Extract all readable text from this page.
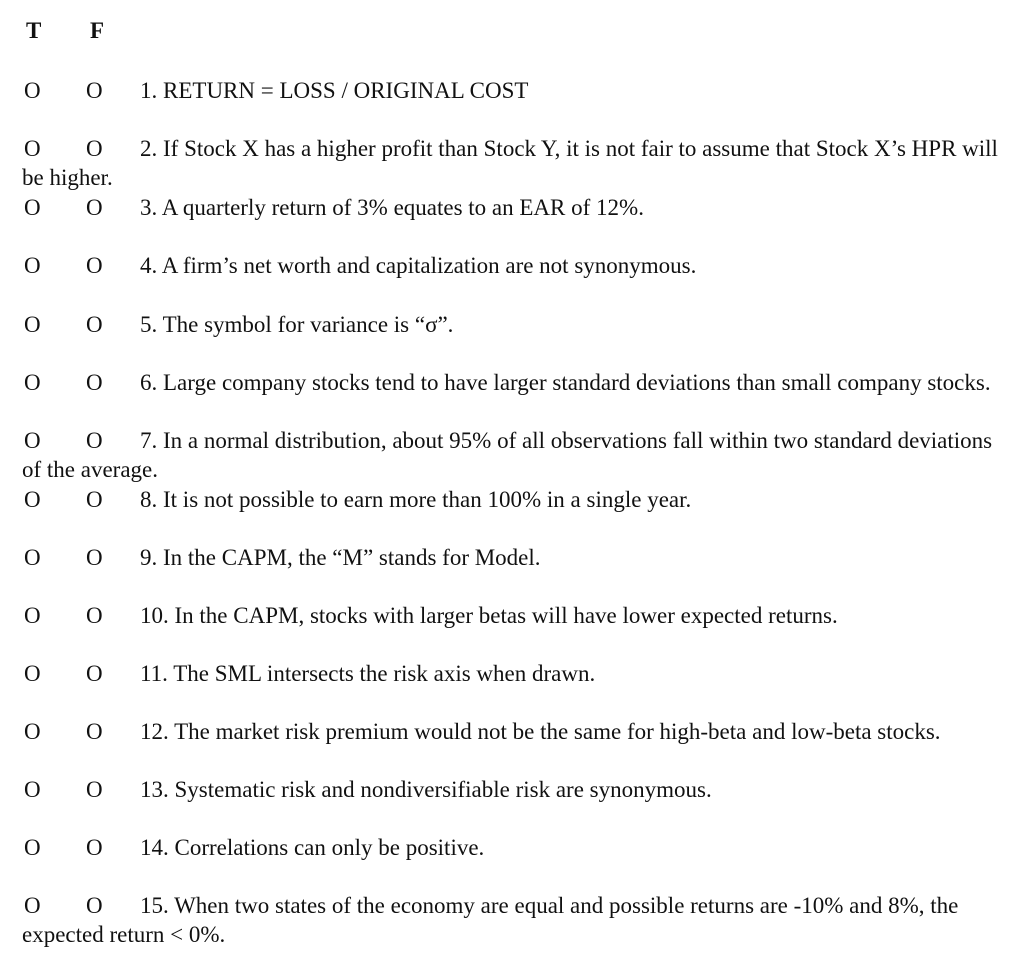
T F

O O 1. RETURN = LOSS / ORIGINAL COST

O O 2. If Stock X has a higher profit than Stock Y, it is not fair to assume that Stock X’s HPR will be higher.

O O 3. A quarterly return of 3% equates to an EAR of 12%.

O O 4. A firm’s net worth and capitalization are not synonymous.

O O 5. The symbol for variance is “σ”.

O O 6. Large company stocks tend to have larger standard deviations than small company stocks.

O O 7. In a normal distribution, about 95% of all observations fall within two standard deviations of the average.

O O 8. It is not possible to earn more than 100% in a single year.

O O 9. In the CAPM, the “M” stands for Model.

O O 10. In the CAPM, stocks with larger betas will have lower expected returns.

O O 11. The SML intersects the risk axis when drawn.

O O 12. The market risk premium would not be the same for high-beta and low-beta stocks.

O O 13. Systematic risk and nondiversifiable risk are synonymous.

O O 14. Correlations can only be positive.

O O 15. When two states of the economy are equal and possible returns are -10% and 8%, the expected return < 0%.
